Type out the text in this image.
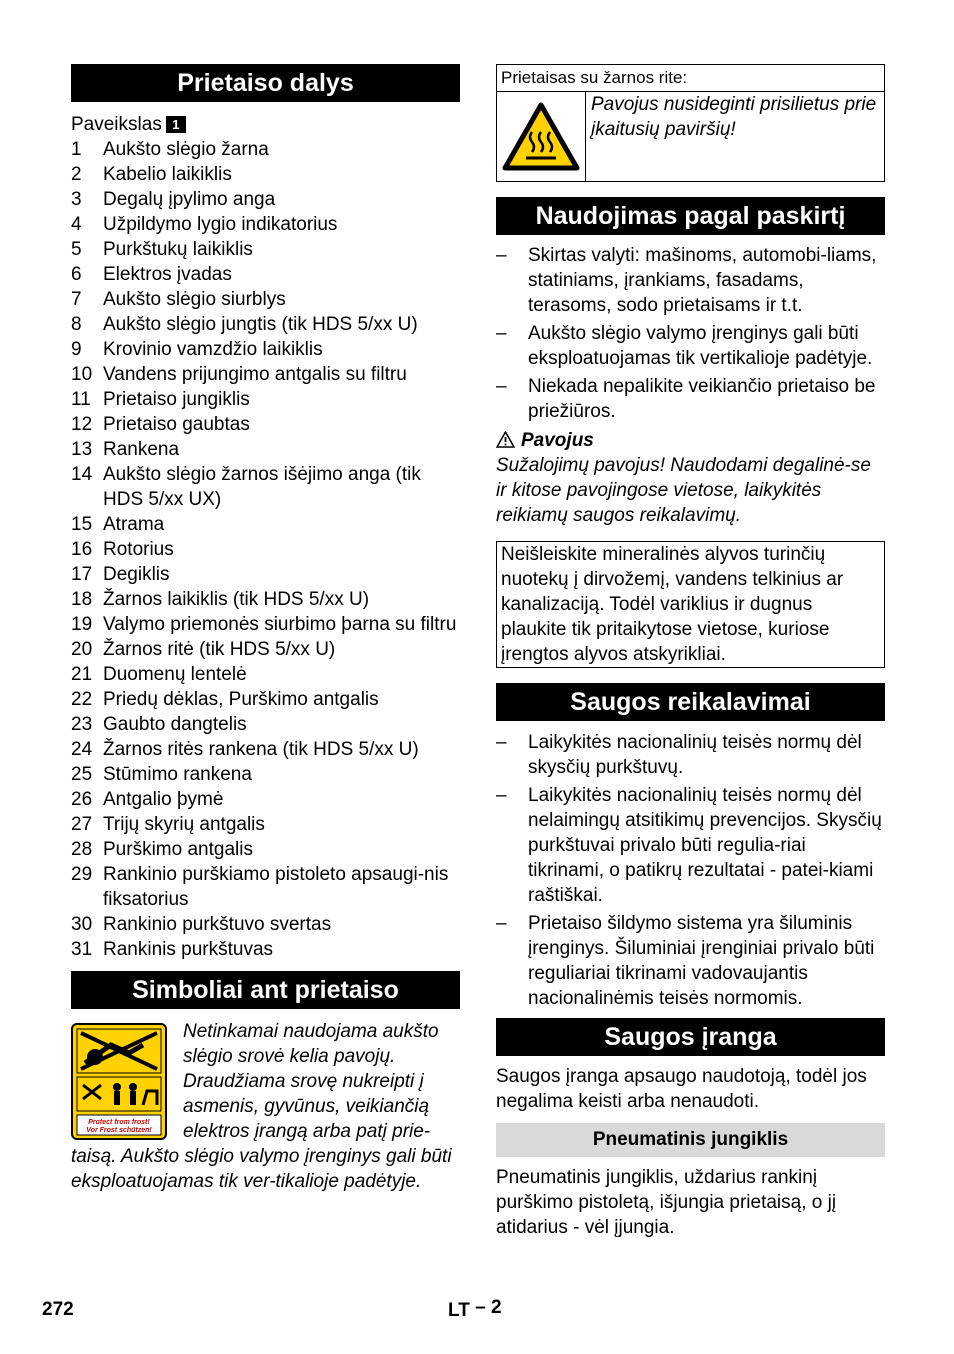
Prietaiso dalys
Paveikslas 1
1	Aukšto slėgio žarna
2	Kabelio laikiklis
3	Degalų įpylimo anga
4	Užpildymo lygio indikatorius
5	Purkštukų laikiklis
6	Elektros įvadas
7	Aukšto slėgio siurblys
8	Aukšto slėgio jungtis (tik HDS 5/xx U)
9	Krovinio vamzdžio laikiklis
10 Vandens prijungimo antgalis su filtru
11 Prietaiso jungiklis
12 Prietaiso gaubtas
13 Rankena
14 Aukšto slėgio žarnos išėjimo anga (tik HDS 5/xx UX)
15 Atrama
16 Rotorius
17 Degiklis
18 Žarnos laikiklis (tik HDS 5/xx U)
19 Valymo priemonės siurbimo þarna su filtru
20 Žarnos ritė (tik HDS 5/xx U)
21 Duomenų lentelė
22 Priedų dėklas, Purškimo antgalis
23 Gaubto dangtelis
24 Žarnos ritės rankena (tik HDS 5/xx U)
25 Stūmimo rankena
26 Antgalio þymė
27 Trijų skyrių antgalis
28 Purškimo antgalis
29 Rankinio purškiamo pistoleto apsaugi-nis fiksatorius
30 Rankinio purkštuvo svertas
31 Rankinis purkštuvas
Simboliai ant prietaiso
Protect from frost!
Vor Frost schützen!
Netinkamai naudojama aukšto slėgio srovė kelia pavojų. Draudžiama srovę nukreipti į asmenis, gyvūnus, veikiančią elektros įrangą arba patį prie-taisą. Aukšto slėgio valymo įrenginys gali būti eksploatuojamas tik ver-tikalioje padėtyje.
Prietaisas su žarnos rite:
Pavojus nusideginti prisilietus prie įkaitusių paviršių!
Naudojimas pagal paskirtį
–	Skirtas valyti: mašinoms, automobi-liams, statiniams, įrankiams, fasadams, terasoms, sodo prietaisams ir t.t.
–	Aukšto slėgio valymo įrenginys gali būti eksploatuojamas tik vertikalioje padėtyje.
–	Niekada nepalikite veikiančio prietaiso be priežiūros.
Pavojus

Sužalojimų pavojus! Naudodami degalinė-se ir kitose pavojingose vietose, laikykitės reikiamų saugos reikalavimų.

Neišleiskite mineralinės alyvos turinčių nuotekų į dirvožemį, vandens telkinius ar kanalizaciją. Todėl variklius ir dugnus plaukite tik pritaikytose vietose, kuriose įrengtos alyvos atskyrikliai.
Saugos reikalavimai
–	Laikykitės nacionalinių teisės normų dėl skysčių purkštuvų.
–	Laikykitės nacionalinių teisės normų dėl nelaimingų atsitikimų prevencijos. Skysčių purkštuvai privalo būti regulia-riai tikrinami, o patikrų rezultatai - patei-kiami raštiškai.
–	Prietaiso šildymo sistema yra šiluminis įrenginys. Šiluminiai įrenginiai privalo būti reguliariai tikrinami vadovaujantis nacionalinėmis teisės normomis.
Saugos įranga

Saugos įranga apsaugo naudotoją, todėl jos negalima keisti arba nenaudoti.

Pneumatinis jungiklis

Pneumatinis jungiklis, uždarius rankinį purškimo pistoletą, išjungia prietaisą, o jį atidarius - vėl įjungia.

272	LT – 2
